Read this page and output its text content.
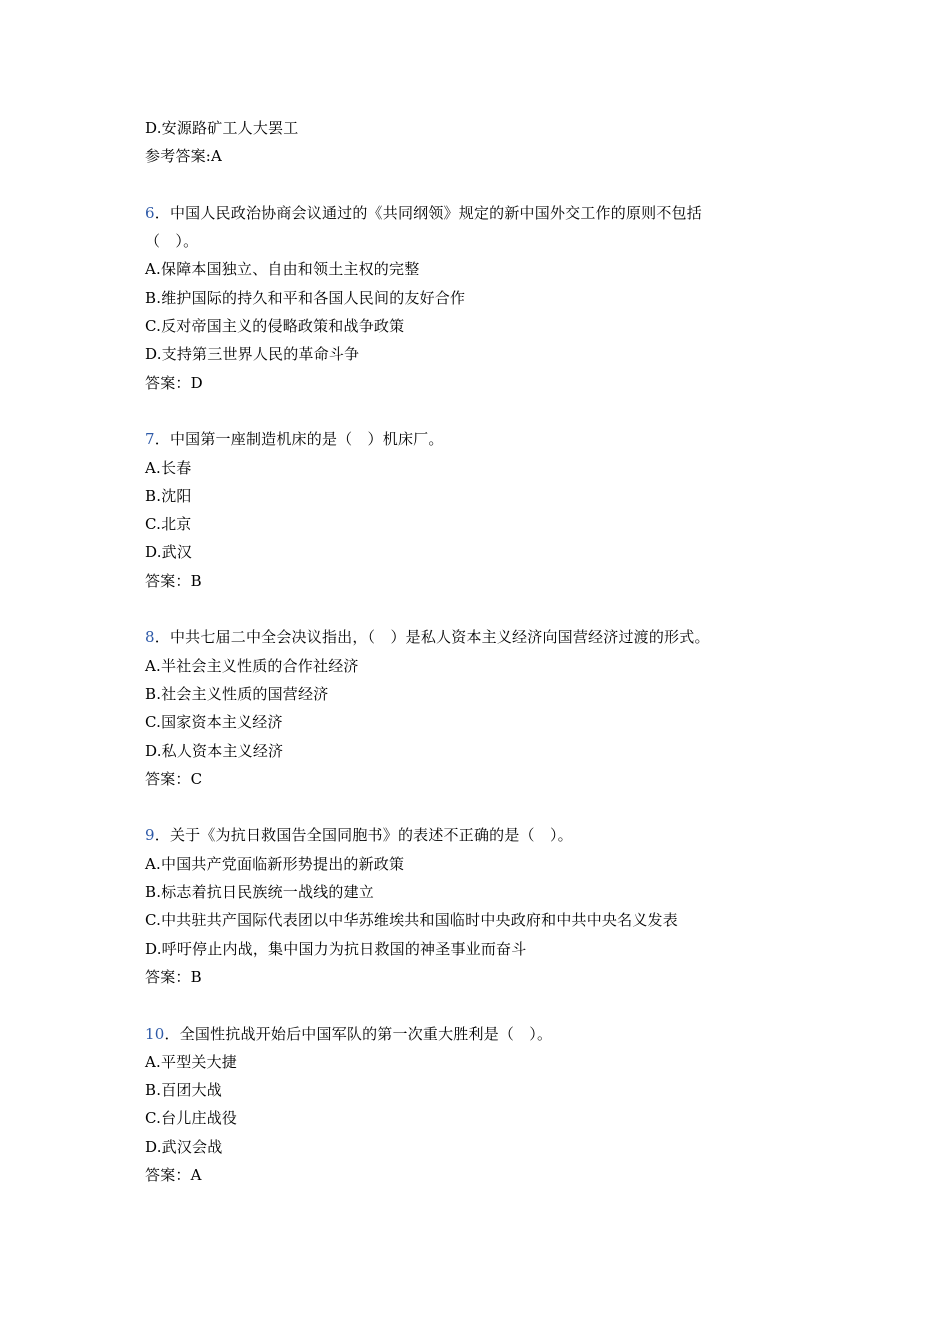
D.安源路矿工人大罢工
参考答案:A
6．中国人民政治协商会议通过的《共同纲领》规定的新中国外交工作的原则不包括
（　）。
A.保障本国独立、自由和领土主权的完整
B.维护国际的持久和平和各国人民间的友好合作
C.反对帝国主义的侵略政策和战争政策
D.支持第三世界人民的革命斗争
答案：D
7．中国第一座制造机床的是（　）机床厂。
A.长春
B.沈阳
C.北京
D.武汉
答案：B
8．中共七届二中全会决议指出，（　）是私人资本主义经济向国营经济过渡的形式。
A.半社会主义性质的合作社经济
B.社会主义性质的国营经济
C.国家资本主义经济
D.私人资本主义经济
答案：C
9．关于《为抗日救国告全国同胞书》的表述不正确的是（　）。
A.中国共产党面临新形势提出的新政策
B.标志着抗日民族统一战线的建立
C.中共驻共产国际代表团以中华苏维埃共和国临时中央政府和中共中央名义发表
D.呼吁停止内战，集中国力为抗日救国的神圣事业而奋斗
答案：B
10．全国性抗战开始后中国军队的第一次重大胜利是（　）。
A.平型关大捷
B.百团大战
C.台儿庄战役
D.武汉会战
答案：A
